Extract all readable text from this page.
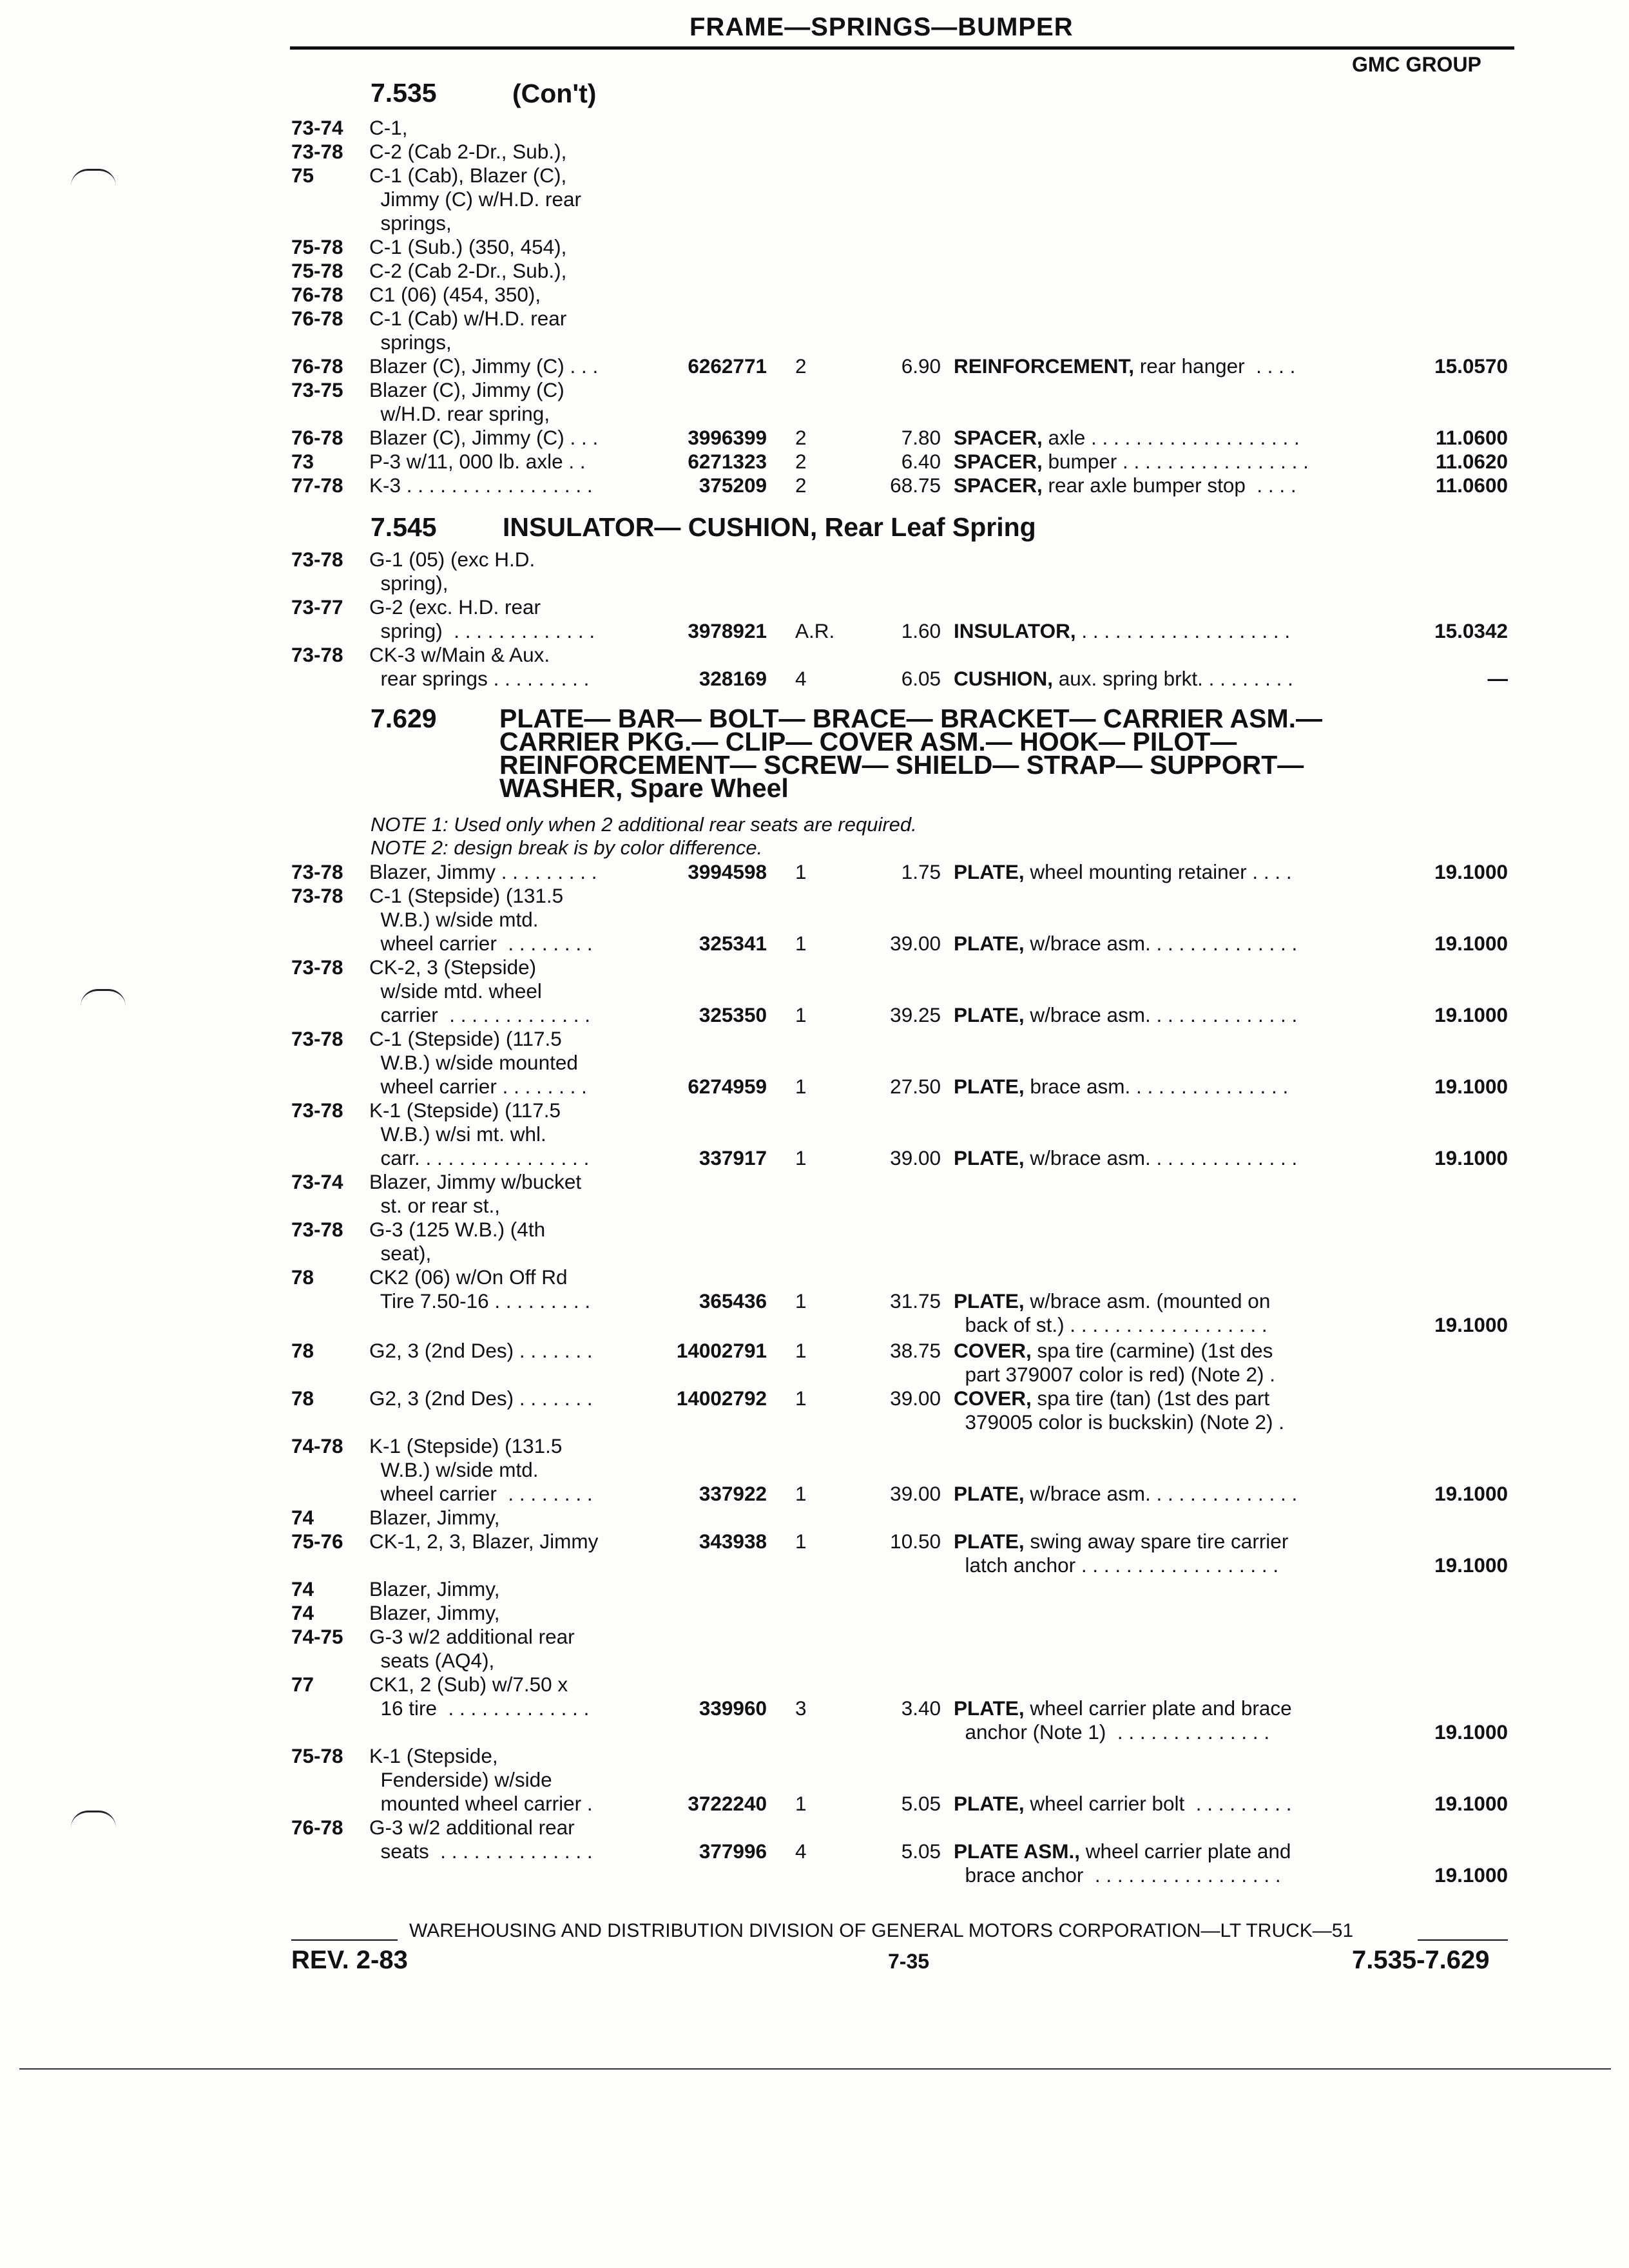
FRAME—SPRINGS—BUMPER
GMC GROUP
7.535	(Con't)
73-74 C-1,
73-78 C-2 (Cab 2-Dr., Sub.),
75	C-1 (Cab), Blazer (C),
Jimmy (C) w/H.D. rear
springs,
75-78 C-1 (Sub.) (350, 454),
75-78 C-2 (Cab 2-Dr., Sub.),
76-78 C1 (06) (454, 350),
76-78 C-1 (Cab) w/H.D. rear
springs,
76-78 Blazer (C), Jimmy (C) . . .	6262771 2	6.90 REINFORCEMENT, rear hanger  . . . .	15.0570
73-75 Blazer (C), Jimmy (C)
w/H.D. rear spring,
76-78 Blazer (C), Jimmy (C) . . .	3996399 2	7.80 SPACER, axle . . . . . . . . . . . . . . . . . . .	11.0600
73	P-3 w/11, 000 lb. axle . .	6271323 2	6.40 SPACER, bumper . . . . . . . . . . . . . . . . .	11.0620
77-78 K-3 . . . . . . . . . . . . . . . . .	375209 2	68.75 SPACER, rear axle bumper stop  . . . .	11.0600
7.545 INSULATOR— CUSHION, Rear Leaf Spring
73-78 G-1 (05) (exc H.D.
spring),
73-77 G-2 (exc. H.D. rear
spring)  . . . . . . . . . . . . .	3978921 A.R.	1.60 INSULATOR, . . . . . . . . . . . . . . . . . . .	15.0342
73-78 CK-3 w/Main & Aux.
rear springs . . . . . . . . .	328169 4	6.05 CUSHION, aux. spring brkt. . . . . . . . .	—
7.629 PLATE— BAR— BOLT— BRACE— BRACKET— CARRIER ASM.—
CARRIER PKG.— CLIP— COVER ASM.— HOOK— PILOT—
REINFORCEMENT— SCREW— SHIELD— STRAP— SUPPORT—
WASHER, Spare Wheel
NOTE 1: Used only when 2 additional rear seats are required.
NOTE 2: design break is by color difference.
73-78 Blazer, Jimmy . . . . . . . . .	3994598 1	1.75 PLATE, wheel mounting retainer . . . .	19.1000
73-78 C-1 (Stepside) (131.5
W.B.) w/side mtd.
wheel carrier  . . . . . . . .	325341 1	39.00 PLATE, w/brace asm. . . . . . . . . . . . . .	19.1000
73-78 CK-2, 3 (Stepside)
w/side mtd. wheel
carrier  . . . . . . . . . . . . .	325350 1	39.25 PLATE, w/brace asm. . . . . . . . . . . . . .	19.1000
73-78 C-1 (Stepside) (117.5
W.B.) w/side mounted
wheel carrier . . . . . . . .	6274959 1	27.50 PLATE, brace asm. . . . . . . . . . . . . . .	19.1000
73-78 K-1 (Stepside) (117.5
W.B.) w/si mt. whl.
carr. . . . . . . . . . . . . . . .	337917 1	39.00 PLATE, w/brace asm. . . . . . . . . . . . . .	19.1000
73-74 Blazer, Jimmy w/bucket
st. or rear st.,
73-78 G-3 (125 W.B.) (4th
seat),
78	CK2 (06) w/On Off Rd
Tire 7.50-16 . . . . . . . . .	365436 1	31.75 PLATE, w/brace asm. (mounted on
back of st.) . . . . . . . . . . . . . . . . . .	19.1000
78	G2, 3 (2nd Des) . . . . . . .	14002791 1	38.75 COVER, spa tire (carmine) (1st des
part 379007 color is red) (Note 2) .
78	G2, 3 (2nd Des) . . . . . . .	14002792 1	39.00 COVER, spa tire (tan) (1st des part
379005 color is buckskin) (Note 2) .
74-78 K-1 (Stepside) (131.5
W.B.) w/side mtd.
wheel carrier  . . . . . . . .	337922 1	39.00 PLATE, w/brace asm. . . . . . . . . . . . . .	19.1000
74	Blazer, Jimmy,
75-76 CK-1, 2, 3, Blazer, Jimmy	343938 1	10.50 PLATE, swing away spare tire carrier
latch anchor . . . . . . . . . . . . . . . . . .	19.1000
74	Blazer, Jimmy,
74	Blazer, Jimmy,
74-75 G-3 w/2 additional rear
seats (AQ4),
77	CK1, 2 (Sub) w/7.50 x
16 tire  . . . . . . . . . . . . .	339960 3	3.40 PLATE, wheel carrier plate and brace
anchor (Note 1)  . . . . . . . . . . . . . .	19.1000
75-78 K-1 (Stepside,
Fenderside) w/side
mounted wheel carrier .	3722240 1	5.05 PLATE, wheel carrier bolt  . . . . . . . . .	19.1000
76-78 G-3 w/2 additional rear
seats  . . . . . . . . . . . . . .	377996 4	5.05 PLATE ASM., wheel carrier plate and
brace anchor  . . . . . . . . . . . . . . . . .	19.1000
WAREHOUSING AND DISTRIBUTION DIVISION OF GENERAL MOTORS CORPORATION—LT TRUCK—51
REV. 2-83	7-35	7.535-7.629
